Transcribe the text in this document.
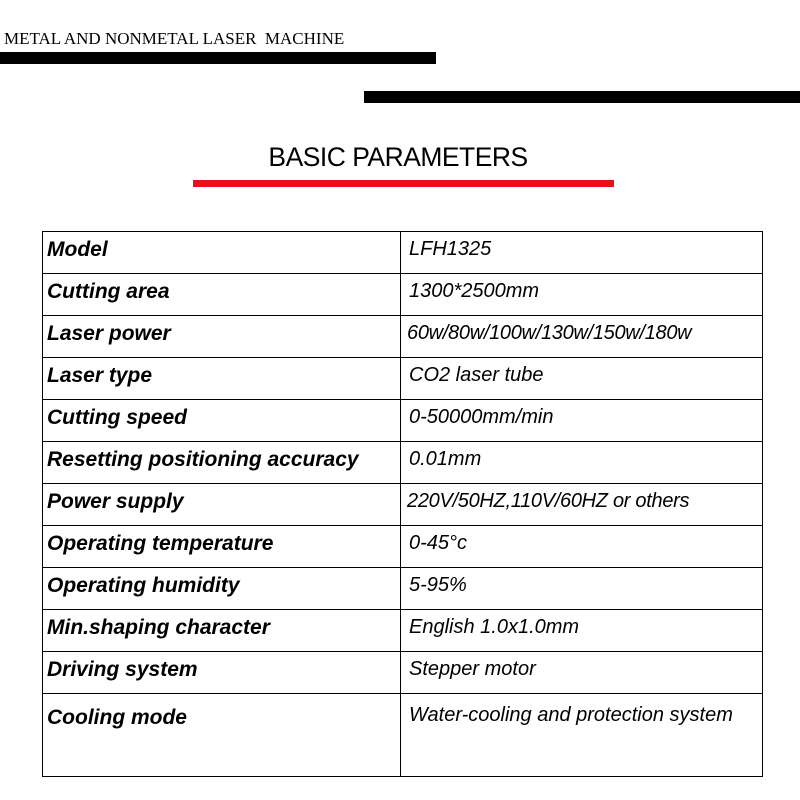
METAL AND NONMETAL LASER  MACHINE
BASIC PARAMETERS
Model	LFH1325
Cutting area	1300*2500mm
Laser power	60w/80w/100w/130w/150w/180w
Laser type	CO2 laser tube
Cutting speed	0-50000mm/min
Resetting positioning accuracy	0.01mm
Power supply	220V/50HZ,110V/60HZ or others
Operating temperature	0-45°c
Operating humidity	5-95%
Min.shaping character	English 1.0x1.0mm
Driving system	Stepper motor
Cooling mode	Water-cooling and protection system
